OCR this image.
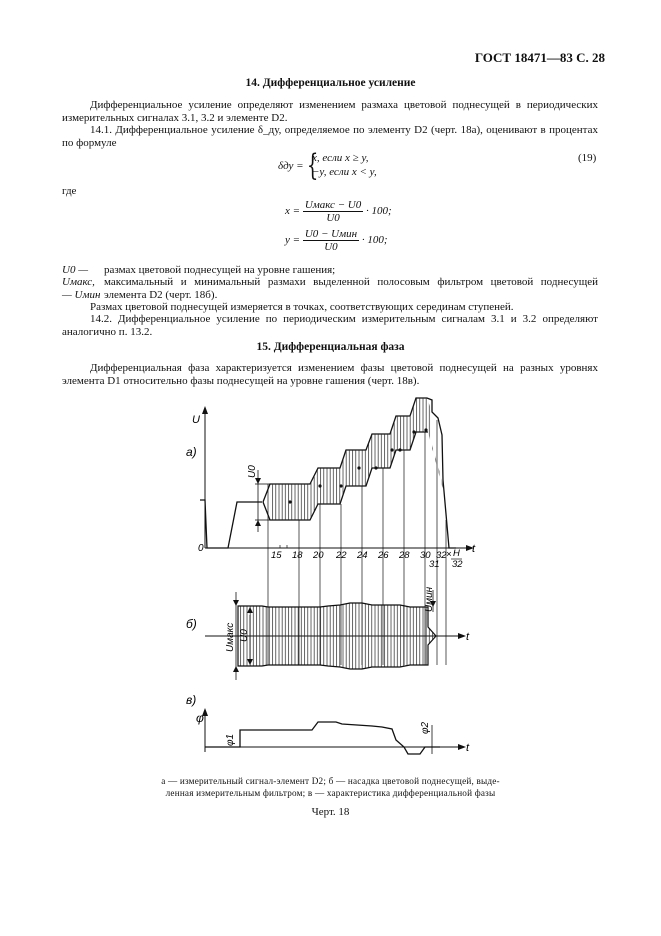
ГОСТ 18471—83 С. 28
14. Дифференциальное усиление
Дифференциальное усиление определяют изменением размаха цветовой поднесущей в периодических измерительных сигналах 3.1, 3.2 и элементе D2.
14.1. Дифференциальное усиление δ_ду, определяемое по элементу D2 (черт. 18а), оценивают в процентах по формуле
δду = {
x, если x ≥ y,
−y, если x < y,
(19)
где
$x = \frac{\text{Uмакс − U0}}{U0} \cdot 100$;
$y = \frac{\text{U0 − Uмин}}{U0} \cdot 100$;
U0 — размах цветовой поднесущей на уровне гашения;
Uмакс, — Uмин
максимальный и минимальный размахи выделенной полосовым фильтром цветовой поднесущей элемента D2 (черт. 18б).
Размах цветовой поднесущей измеряется в точках, соответствующих серединам ступеней.
14.2. Дифференциальное усиление по периодическим измерительным сигналам 3.1 и 3.2 определяют аналогично п. 13.2.
15. Дифференциальная фаза
Дифференциальная фаза характеризуется изменением фазы цветовой поднесущей на разных уровнях элемента D1 относительно фазы поднесущей на уровне гашения (черт. 18в).
U0
U
0
а)
t
15 18 20 22 24 26 28 30 32
31 32
× H
t
Uмакс U0
Uмин
б)
t
φ
в)
φ1
φ2
а — измерительный сигнал-элемент D2; б — насадка цветовой поднесущей, выде-
ленная измерительным фильтром; в — характеристика дифференциальной фазы
Черт. 18
